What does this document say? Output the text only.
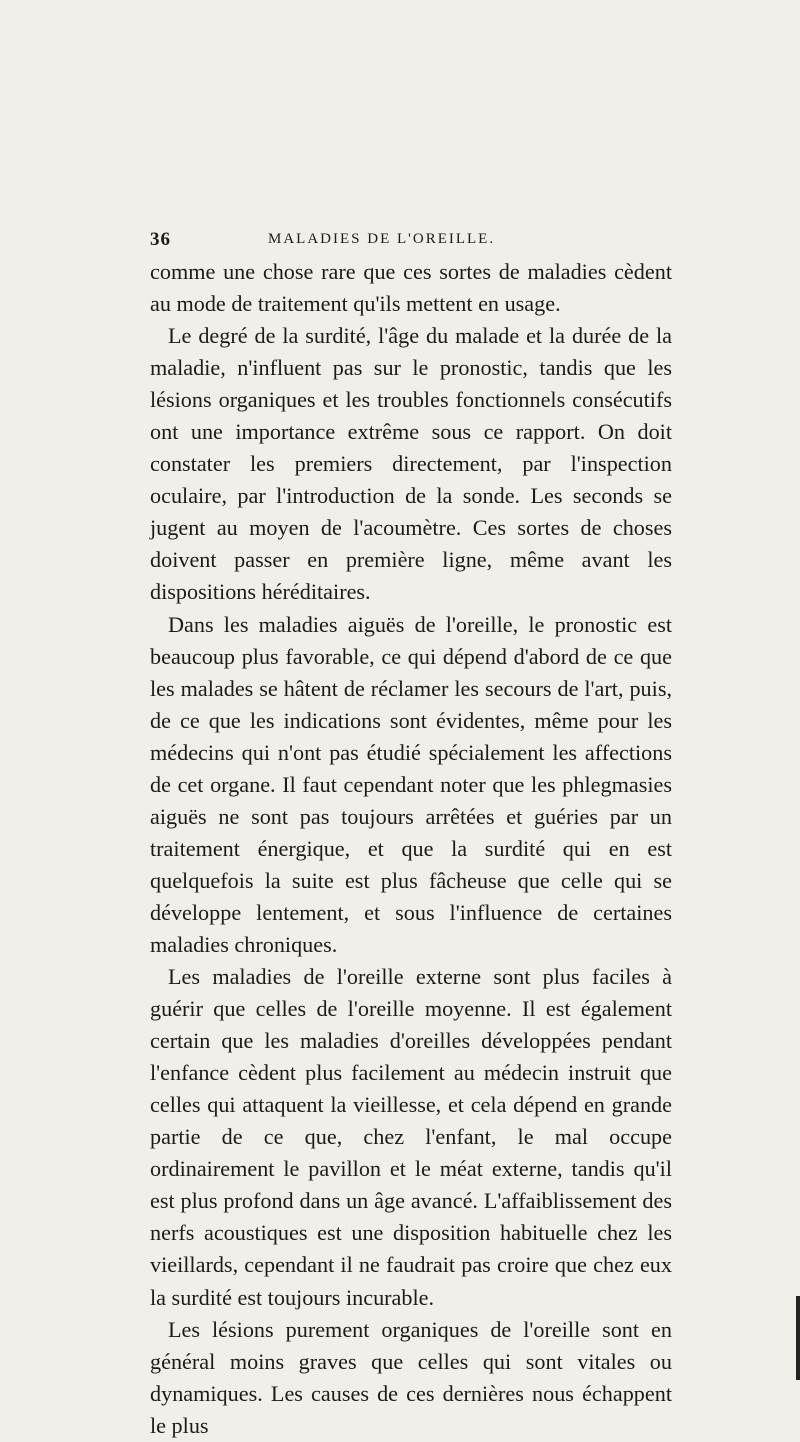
36	MALADIES DE L'OREILLE.

comme une chose rare que ces sortes de maladies cèdent au mode de traitement qu'ils mettent en usage.

Le degré de la surdité, l'âge du malade et la durée de la maladie, n'influent pas sur le pronostic, tandis que les lésions organiques et les troubles fonctionnels consécutifs ont une importance extrême sous ce rapport. On doit constater les premiers directement, par l'inspection oculaire, par l'introduction de la sonde. Les seconds se jugent au moyen de l'acoumètre. Ces sortes de choses doivent passer en première ligne, même avant les dispositions héréditaires.

Dans les maladies aiguës de l'oreille, le pronostic est beaucoup plus favorable, ce qui dépend d'abord de ce que les malades se hâtent de réclamer les secours de l'art, puis, de ce que les indications sont évidentes, même pour les médecins qui n'ont pas étudié spécialement les affections de cet organe. Il faut cependant noter que les phlegmasies aiguës ne sont pas toujours arrêtées et guéries par un traitement énergique, et que la surdité qui en est quelquefois la suite est plus fâcheuse que celle qui se développe lentement, et sous l'influence de certaines maladies chroniques.

Les maladies de l'oreille externe sont plus faciles à guérir que celles de l'oreille moyenne. Il est également certain que les maladies d'oreilles développées pendant l'enfance cèdent plus facilement au médecin instruit que celles qui attaquent la vieillesse, et cela dépend en grande partie de ce que, chez l'enfant, le mal occupe ordinairement le pavillon et le méat externe, tandis qu'il est plus profond dans un âge avancé. L'affaiblissement des nerfs acoustiques est une disposition habituelle chez les vieillards, cependant il ne faudrait pas croire que chez eux la surdité est toujours incurable.

Les lésions purement organiques de l'oreille sont en général moins graves que celles qui sont vitales ou dynamiques. Les causes de ces dernières nous échappent le plus
